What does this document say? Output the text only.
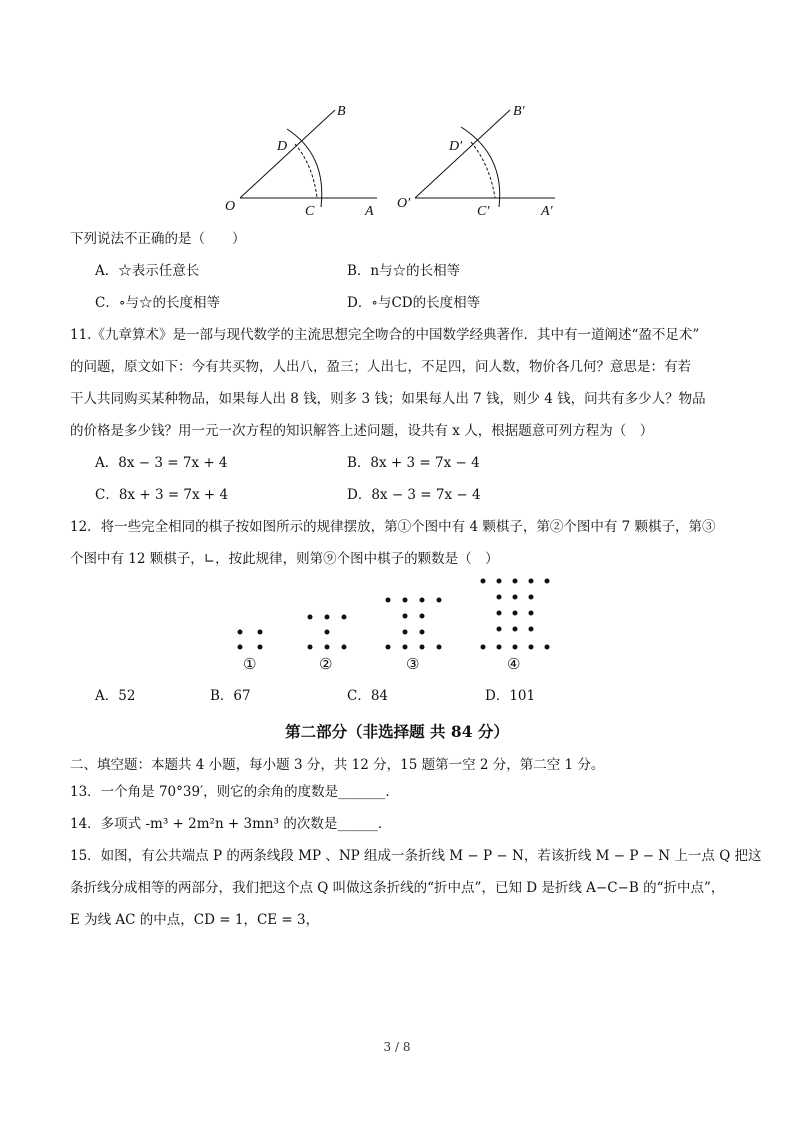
B
D
O	C	A
B′
D′
O′
C′	A′
下列说法不正确的是（　　）
A．☆表示任意长	B．n与☆的长相等
C．∘与☆的长度相等	D．∘与CD的长度相等
11.《九章算术》是一部与现代数学的主流思想完全吻合的中国数学经典著作．其中有一道阐述“盈不足术”
的问题，原文如下：今有共买物，人出八，盈三；人出七，不足四，问人数，物价各几何？意思是：有若
干人共同购买某种物品，如果每人出 8 钱，则多 3 钱；如果每人出 7 钱，则少 4 钱，问共有多少人？物品
的价格是多少钱？用一元一次方程的知识解答上述问题，设共有 x 人，根据题意可列方程为（　）
A．8x − 3 = 7x + 4	B．8x + 3 = 7x − 4
C．8x + 3 = 7x + 4	D．8x − 3 = 7x − 4
12．将一些完全相同的棋子按如图所示的规律摆放，第①个图中有 4 颗棋子，第②个图中有 7 颗棋子，第③
个图中有 12 颗棋子，∟，按此规律，则第⑨个图中棋子的颗数是（　）
①	②	③	④
A．52	B．67	C．84	D．101
第二部分（非选择题 共 84 分）
二、填空题：本题共 4 小题，每小题 3 分，共 12 分，15 题第一空 2 分，第二空 1 分。
13．一个角是 70°39′，则它的余角的度数是_______．
14．多项式 -m³ + 2m²n + 3mn³ 的次数是______．
15．如图，有公共端点 P 的两条线段 MP 、NP 组成一条折线 M − P − N，若该折线 M − P − N 上一点 Q 把这
条折线分成相等的两部分，我们把这个点 Q 叫做这条折线的“折中点”，已知 D 是折线 A−C−B 的“折中点”，
E 为线 AC 的中点，CD = 1，CE = 3，
3 / 8
